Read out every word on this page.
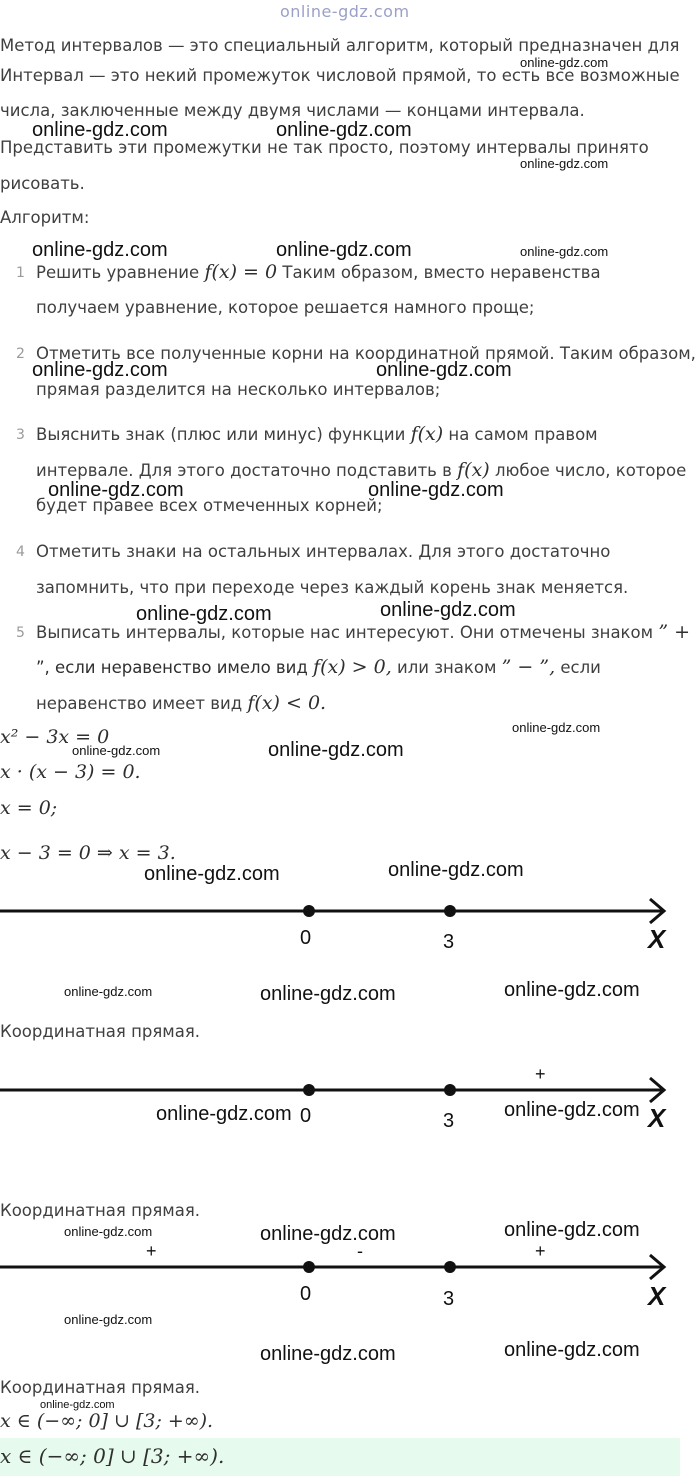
online-gdz.com
Метод интервалов — это специальный алгоритм, который предназначен для
Интервал — это некий промежуток числовой прямой, то есть все возможные
числа, заключенные между двумя числами — концами интервала.
Представить эти промежутки не так просто, поэтому интервалы принято
рисовать.
Алгоритм:
1 Решить уравнение f(x) = 0 Таким образом, вместо неравенства
получаем уравнение, которое решается намного проще;
2 Отметить все полученные корни на координатной прямой. Таким образом,
прямая разделится на несколько интервалов;
3 Выяснить знак (плюс или минус) функции f(x) на самом правом
интервале. Для этого достаточно подставить в f(x) любое число, которое
будет правее всех отмеченных корней;
4 Отметить знаки на остальных интервалах. Для этого достаточно
запомнить, что при переходе через каждый корень знак меняется.
5 Выписать интервалы, которые нас интересуют. Они отмечены знаком ” +
”, если неравенство имело вид f(x) > 0, или знаком ” − ”, если
неравенство имеет вид f(x) < 0.
x² − 3x = 0
x · (x − 3) = 0.
x = 0;
x − 3 = 0 ⇒ x = 3.
0	3	X
Координатная прямая.
+
0	3	X
Координатная прямая.
+	-	+
0	3	X
Координатная прямая.
x ∈ (−∞; 0] ∪ [3; +∞).
x ∈ (−∞; 0] ∪ [3; +∞).
online-gdz.com	online-gdz.com
online-gdz.com
online-gdz.com
online-gdz.com	online-gdz.com	online-gdz.com
online-gdz.com	online-gdz.com
online-gdz.com	online-gdz.com
online-gdz.com	online-gdz.com
online-gdz.com
online-gdz.com	online-gdz.com
online-gdz.com	online-gdz.com
online-gdz.com	online-gdz.com	online-gdz.com
online-gdz.com	online-gdz.com
online-gdz.com	online-gdz.com	online-gdz.com
online-gdz.com
online-gdz.com	online-gdz.com
online-gdz.com
